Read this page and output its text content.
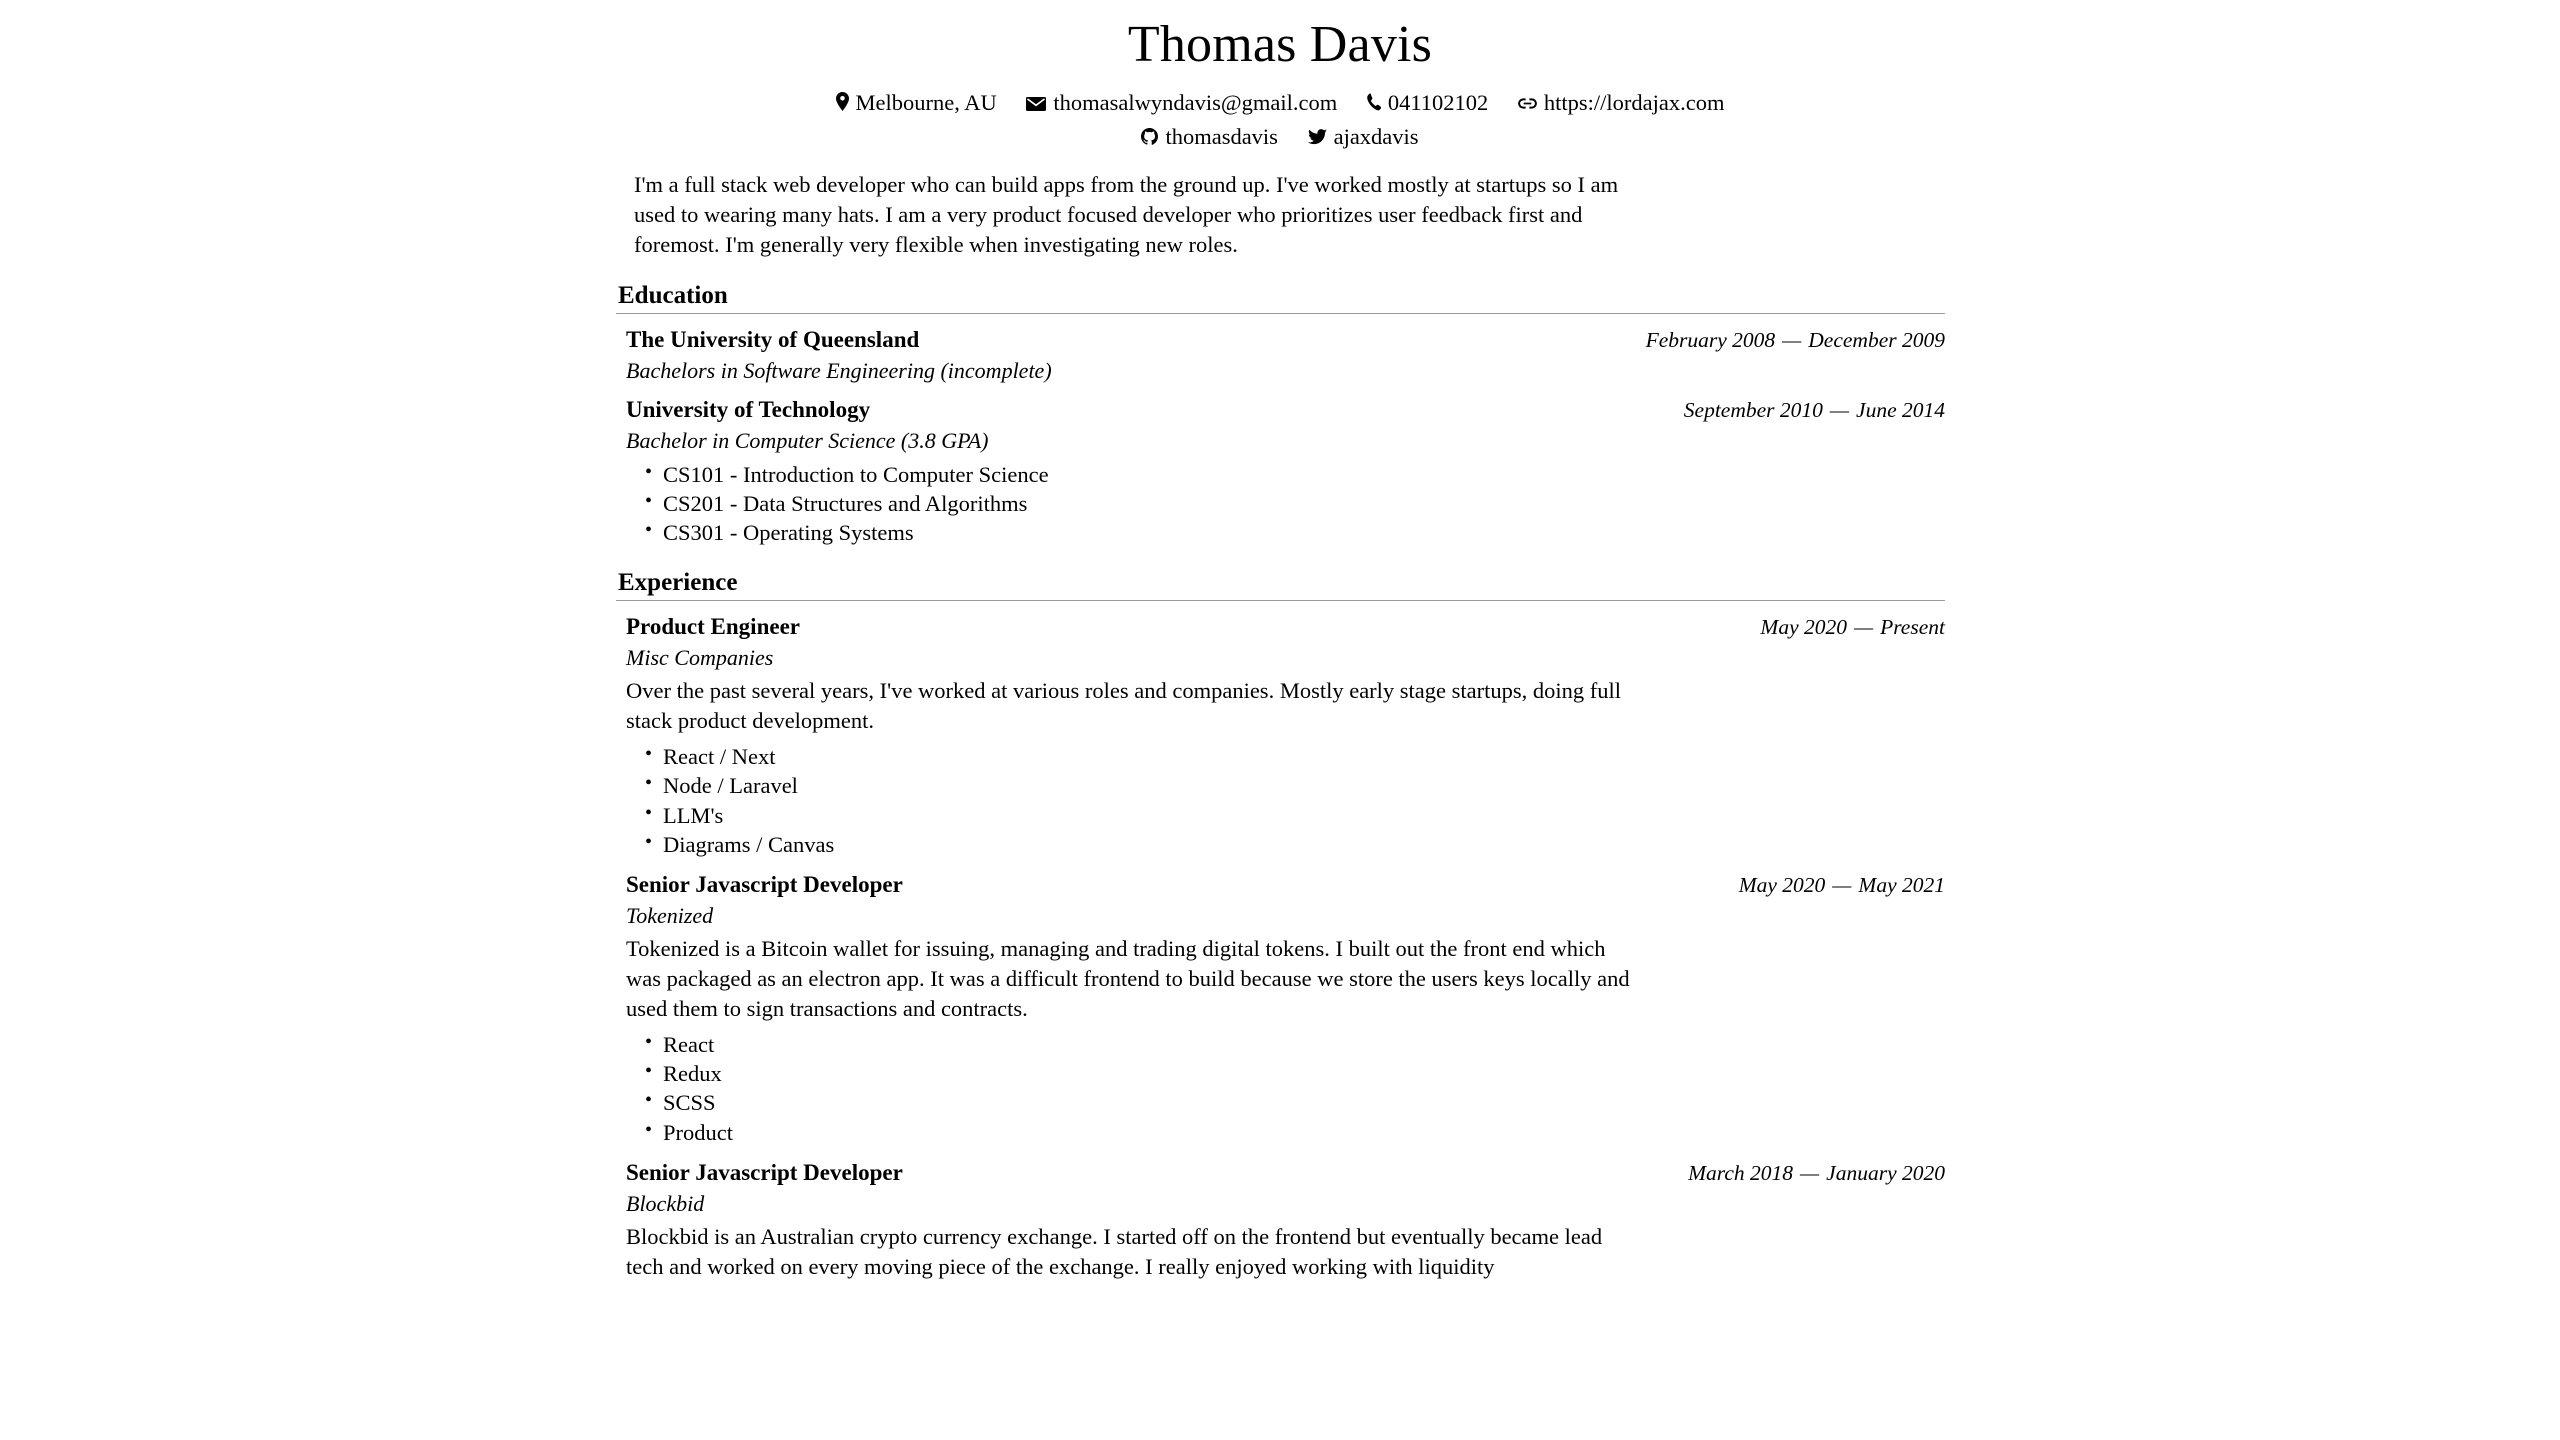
Thomas Davis
Melbourne, AU	thomasalwyndavis@gmail.com 041102102 https://lordajax.com
thomasdavis ajaxdavis
I'm a full stack web developer who can build apps from the ground up. I've worked mostly at startups so I am used to wearing many hats. I am a very product focused developer who prioritizes user feedback first and foremost. I'm generally very flexible when investigating new roles.
Education
The University of Queensland	February 2008 — December 2009
Bachelors in Software Engineering (incomplete)
University of Technology	September 2010 — June 2014
Bachelor in Computer Science (3.8 GPA)
• CS101 - Introduction to Computer Science
• CS201 - Data Structures and Algorithms
• CS301 - Operating Systems
Experience
Product Engineer	May 2020 — Present
Misc Companies
Over the past several years, I've worked at various roles and companies. Mostly early stage startups, doing full stack product development.
• React / Next
• Node / Laravel
• LLM's
• Diagrams / Canvas
Senior Javascript Developer	May 2020 — May 2021
Tokenized
Tokenized is a Bitcoin wallet for issuing, managing and trading digital tokens. I built out the front end which was packaged as an electron app. It was a difficult frontend to build because we store the users keys locally and used them to sign transactions and contracts.
• React
• Redux
• SCSS
• Product
Senior Javascript Developer	March 2018 — January 2020
Blockbid
Blockbid is an Australian crypto currency exchange. I started off on the frontend but eventually became lead tech and worked on every moving piece of the exchange. I really enjoyed working with liquidity
